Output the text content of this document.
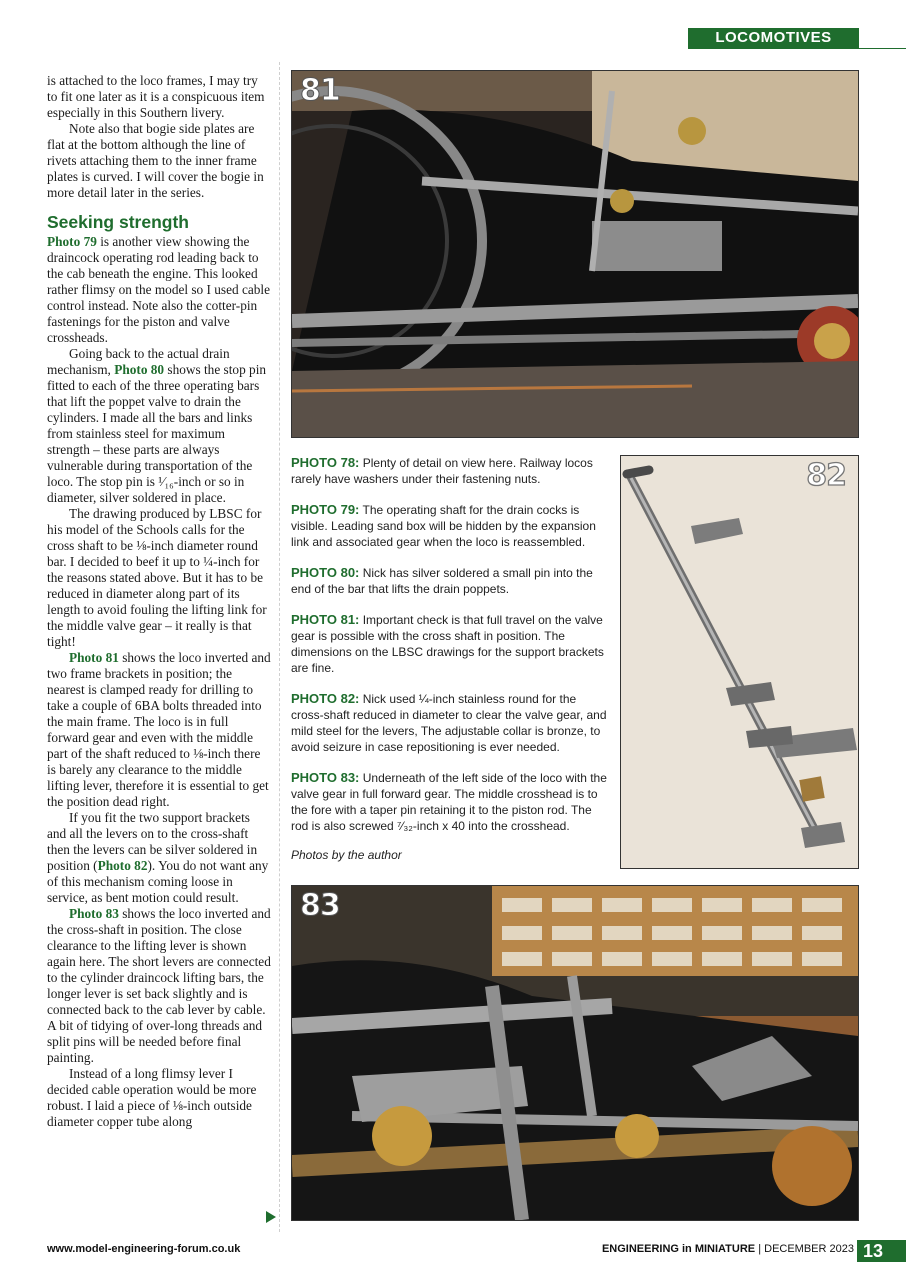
LOCOMOTIVES

is attached to the loco frames, I may try to fit one later as it is a conspicuous item especially in this Southern livery.

Note also that bogie side plates are flat at the bottom although the line of rivets attaching them to the inner frame plates is curved. I will cover the bogie in more detail later in the series.

Seeking strength

Photo 79 is another view showing the draincock operating rod leading back to the cab beneath the engine. This looked rather flimsy on the model so I used cable control instead. Note also the cotter-pin fastenings for the piston and valve crossheads.

Going back to the actual drain mechanism, Photo 80 shows the stop pin fitted to each of the three operating bars that lift the poppet valve to drain the cylinders. I made all the bars and links from stainless steel for maximum strength – these parts are always vulnerable during transportation of the loco. The stop pin is ¹⁄₁₆-inch or so in diameter, silver soldered in place.

The drawing produced by LBSC for his model of the Schools calls for the cross shaft to be ⅛-inch diameter round bar. I decided to beef it up to ¼-inch for the reasons stated above. But it has to be reduced in diameter along part of its length to avoid fouling the lifting link for the middle valve gear – it really is that tight!

Photo 81 shows the loco inverted and two frame brackets in position; the nearest is clamped ready for drilling to take a couple of 6BA bolts threaded into the main frame. The loco is in full forward gear and even with the middle part of the shaft reduced to ⅛-inch there is barely any clearance to the middle lifting lever, therefore it is essential to get the position dead right.

If you fit the two support brackets and all the levers on to the cross-shaft then the levers can be silver soldered in position (Photo 82). You do not want any of this mechanism coming loose in service, as bent motion could result.

Photo 83 shows the loco inverted and the cross-shaft in position. The close clearance to the lifting lever is shown again here. The short levers are connected to the cylinder draincock lifting bars, the longer lever is set back slightly and is connected back to the cab lever by cable. A bit of tidying of over-long threads and split pins will be needed before final painting.

Instead of a long flimsy lever I decided cable operation would be more robust. I laid a piece of ⅛-inch outside diameter copper tube along

81
82

PHOTO 78: Plenty of detail on view here. Railway locos rarely have washers under their fastening nuts.

PHOTO 79: The operating shaft for the drain cocks is visible. Leading sand box will be hidden by the expansion link and associated gear when the loco is reassembled.

PHOTO 80: Nick has silver soldered a small pin into the end of the bar that lifts the drain poppets.

PHOTO 81: Important check is that full travel on the valve gear is possible with the cross shaft in position. The dimensions on the LBSC drawings for the support brackets are fine.

PHOTO 82: Nick used ¼-inch stainless round for the cross-shaft reduced in diameter to clear the valve gear, and mild steel for the levers, The adjustable collar is bronze, to avoid seizure in case repositioning is ever needed.

PHOTO 83: Underneath of the left side of the loco with the valve gear in full forward gear. The middle crosshead is to the fore with a taper pin retaining it to the piston rod. The rod is also screwed ⁷⁄₃₂-inch x 40 into the crosshead.

Photos by the author

83
www.model-engineering-forum.co.uk	ENGINEERING in MINIATURE | DECEMBER 2023 13
